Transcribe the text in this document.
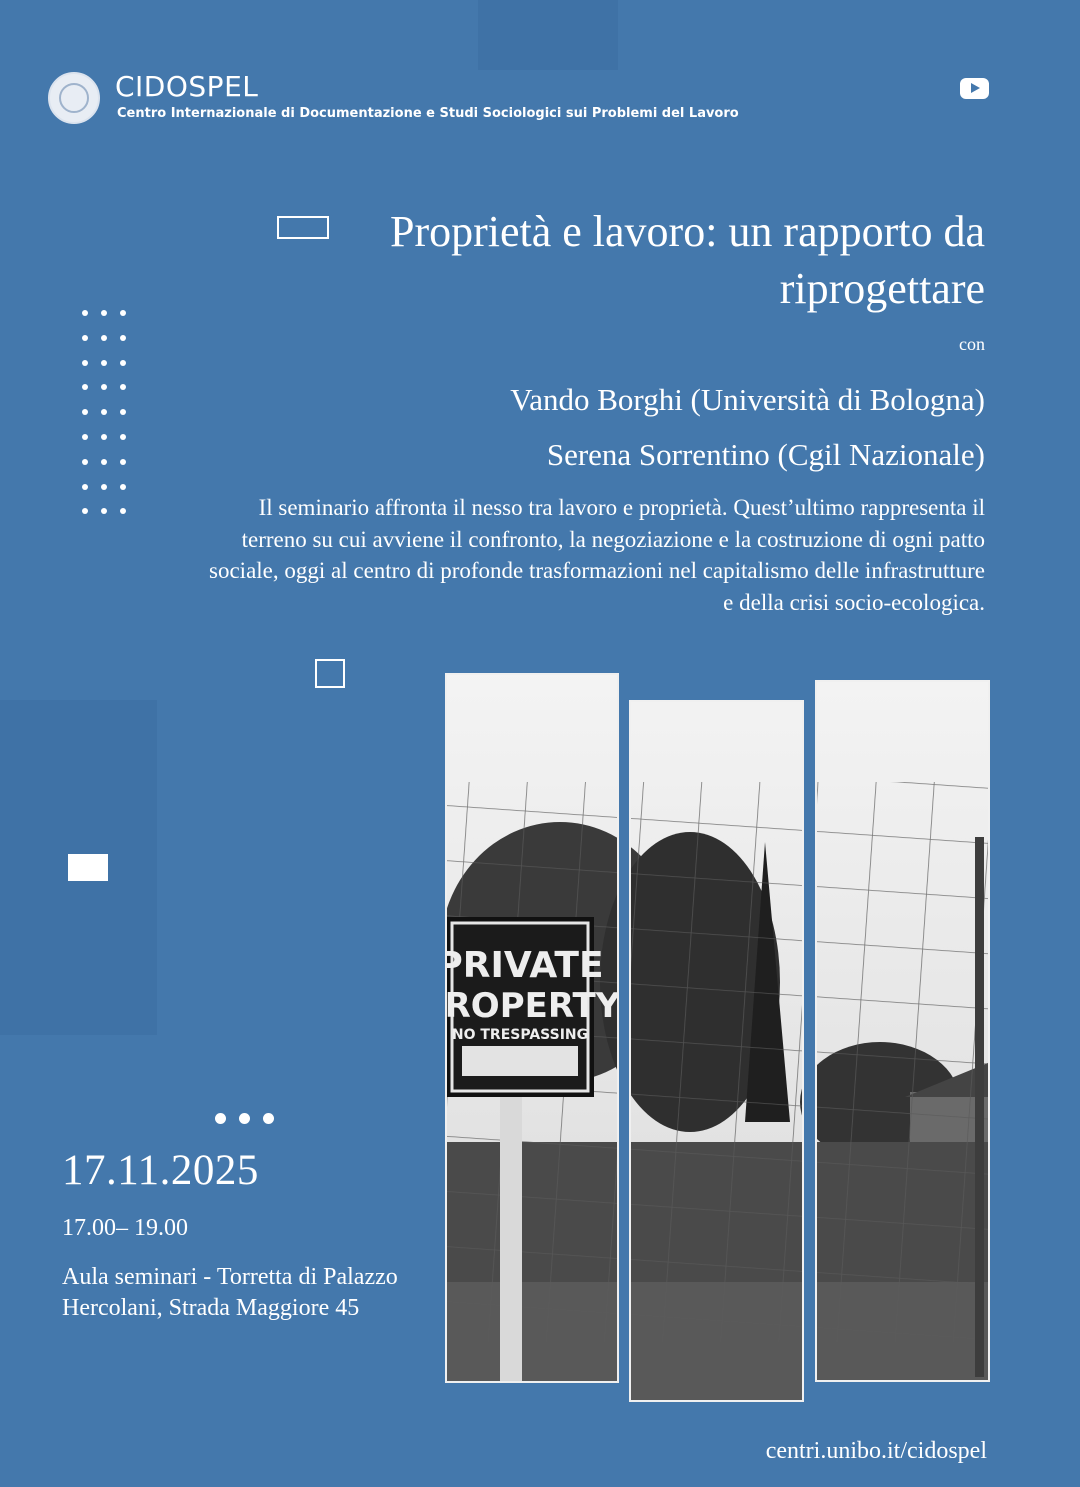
CIDOSPEL
Centro Internazionale di Documentazione e Studi Sociologici sui Problemi del Lavoro
Proprietà e lavoro: un rapporto da riprogettare
con
Vando Borghi (Università di Bologna)
Serena Sorrentino (Cgil Nazionale)
Il seminario affronta il nesso tra lavoro e proprietà. Quest’ultimo rappresenta il terreno su cui avviene il confronto, la negoziazione e la costruzione di ogni patto sociale, oggi al centro di profonde trasformazioni nel capitalismo delle infrastrutture e della crisi socio-ecologica.
17.11.2025
17.00– 19.00
Aula seminari - Torretta di Palazzo Hercolani, Strada Maggiore 45
centri.unibo.it/cidospel
